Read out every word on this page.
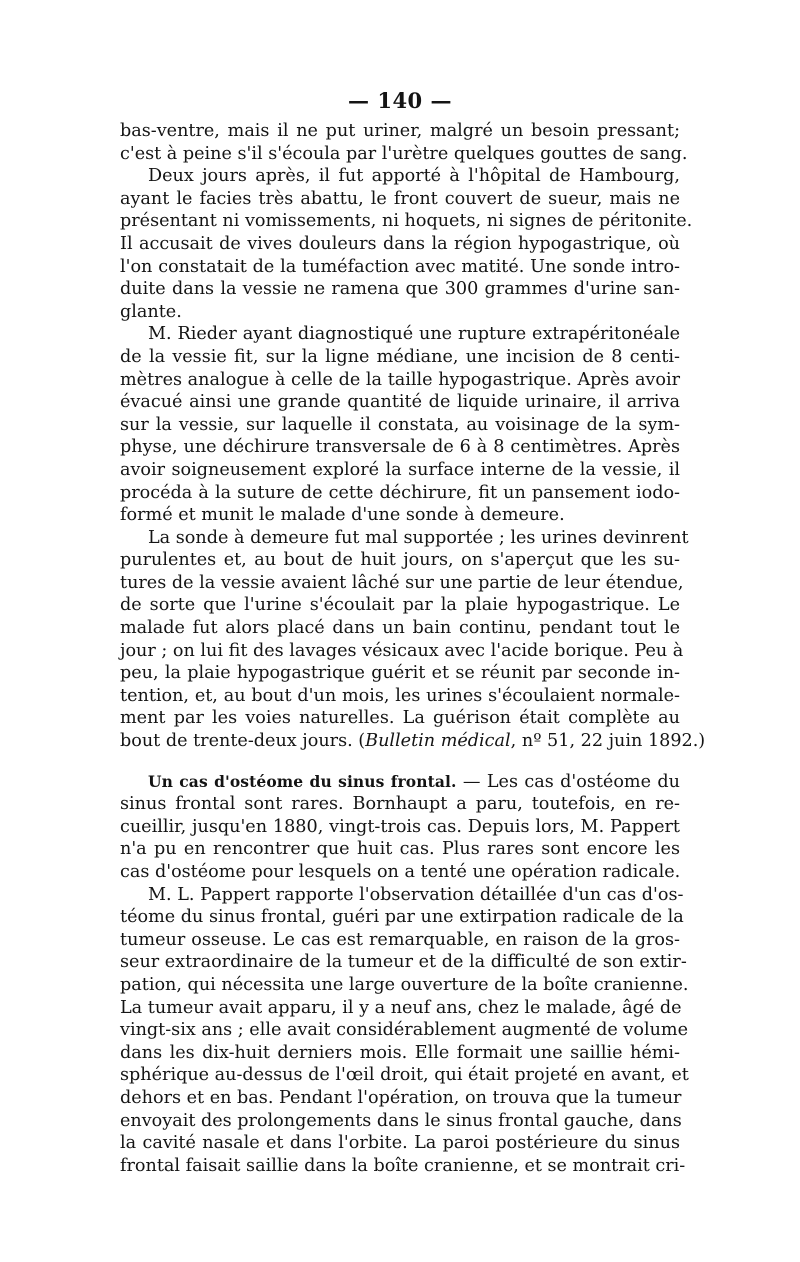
— 140 —
bas-ventre, mais il ne put uriner, malgré un besoin pressant;
c'est à peine s'il s'écoula par l'urètre quelques gouttes de sang.
Deux jours après, il fut apporté à l'hôpital de Hambourg,
ayant le facies très abattu, le front couvert de sueur, mais ne
présentant ni vomissements, ni hoquets, ni signes de péritonite.
Il accusait de vives douleurs dans la région hypogastrique, où
l'on constatait de la tuméfaction avec matité. Une sonde intro-
duite dans la vessie ne ramena que 300 grammes d'urine san-
glante.
M. Rieder ayant diagnostiqué une rupture extrapéritonéale
de la vessie fit, sur la ligne médiane, une incision de 8 centi-
mètres analogue à celle de la taille hypogastrique. Après avoir
évacué ainsi une grande quantité de liquide urinaire, il arriva
sur la vessie, sur laquelle il constata, au voisinage de la sym-
physe, une déchirure transversale de 6 à 8 centimètres. Après
avoir soigneusement exploré la surface interne de la vessie, il
procéda à la suture de cette déchirure, fit un pansement iodo-
formé et munit le malade d'une sonde à demeure.
La sonde à demeure fut mal supportée ; les urines devinrent
purulentes et, au bout de huit jours, on s'aperçut que les su-
tures de la vessie avaient lâché sur une partie de leur étendue,
de sorte que l'urine s'écoulait par la plaie hypogastrique. Le
malade fut alors placé dans un bain continu, pendant tout le
jour ; on lui fit des lavages vésicaux avec l'acide borique. Peu à
peu, la plaie hypogastrique guérit et se réunit par seconde in-
tention, et, au bout d'un mois, les urines s'écoulaient normale-
ment par les voies naturelles. La guérison était complète au
bout de trente-deux jours. (Bulletin médical, nº 51, 22 juin 1892.)
Un cas d'ostéome du sinus frontal. — Les cas d'ostéome du
sinus frontal sont rares. Bornhaupt a paru, toutefois, en re-
cueillir, jusqu'en 1880, vingt-trois cas. Depuis lors, M. Pappert
n'a pu en rencontrer que huit cas. Plus rares sont encore les
cas d'ostéome pour lesquels on a tenté une opération radicale.
M. L. Pappert rapporte l'observation détaillée d'un cas d'os-
téome du sinus frontal, guéri par une extirpation radicale de la
tumeur osseuse. Le cas est remarquable, en raison de la gros-
seur extraordinaire de la tumeur et de la difficulté de son extir-
pation, qui nécessita une large ouverture de la boîte cranienne.
La tumeur avait apparu, il y a neuf ans, chez le malade, âgé de
vingt-six ans ; elle avait considérablement augmenté de volume
dans les dix-huit derniers mois. Elle formait une saillie hémi-
sphérique au-dessus de l'œil droit, qui était projeté en avant, et
dehors et en bas. Pendant l'opération, on trouva que la tumeur
envoyait des prolongements dans le sinus frontal gauche, dans
la cavité nasale et dans l'orbite. La paroi postérieure du sinus
frontal faisait saillie dans la boîte cranienne, et se montrait cri-
